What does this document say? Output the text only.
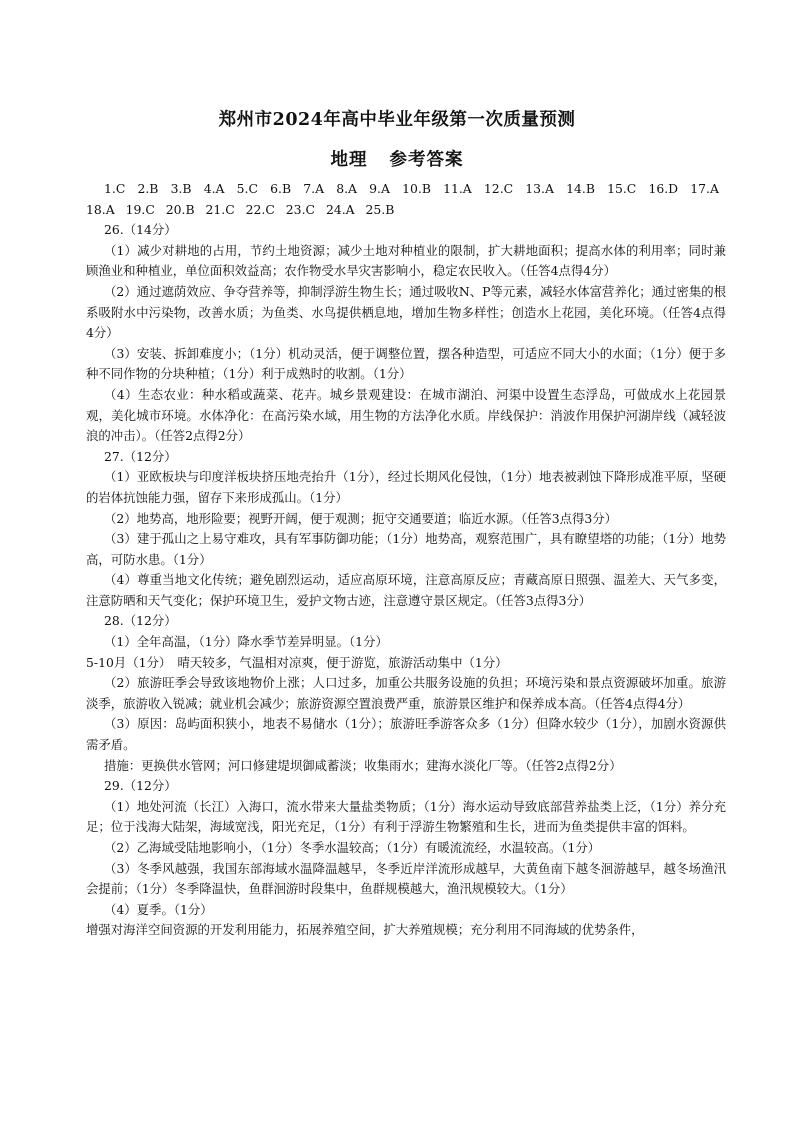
郑州市2024年高中毕业年级第一次质量预测
地理 参考答案

1.C 2.B 3.B 4.A 5.C 6.B 7.A 8.A 9.A 10.B 11.A 12.C 13.A 14.B 15.C 16.D 17.A 18.A 19.C 20.B 21.C 22.C 23.C 24.A 25.B

26.（14分）

（1）减少对耕地的占用，节约土地资源；减少土地对种植业的限制，扩大耕地面积；提高水体的利用率；同时兼顾渔业和种植业，单位面积效益高；农作物受水旱灾害影响小，稳定农民收入。（任答4点得4分）

（2）通过遮荫效应、争夺营养等，抑制浮游生物生长；通过吸收N、P等元素，减轻水体富营养化；通过密集的根系吸附水中污染物，改善水质；为鱼类、水鸟提供栖息地，增加生物多样性；创造水上花园，美化环境。（任答4点得4分）

（3）安装、拆卸难度小；（1分）机动灵活，便于调整位置，摆各种造型，可适应不同大小的水面；（1分）便于多种不同作物的分块种植；（1分）利于成熟时的收割。（1分）

（4）生态农业：种水稻或蔬菜、花卉。城乡景观建设：在城市湖泊、河渠中设置生态浮岛，可做成水上花园景观，美化城市环境。水体净化：在高污染水域，用生物的方法净化水质。岸线保护：消波作用保护河湖岸线（减轻波浪的冲击）。（任答2点得2分）

27.（12分）

（1）亚欧板块与印度洋板块挤压地壳抬升（1分），经过长期风化侵蚀，（1分）地表被剥蚀下降形成准平原，坚硬的岩体抗蚀能力强，留存下来形成孤山。（1分）

（2）地势高，地形险要；视野开阔，便于观测；扼守交通要道；临近水源。（任答3点得3分）

（3）建于孤山之上易守难攻，具有军事防御功能；（1分）地势高，观察范围广，具有瞭望塔的功能；（1分）地势高，可防水患。（1分）

（4）尊重当地文化传统；避免剧烈运动，适应高原环境，注意高原反应；青藏高原日照强、温差大、天气多变，注意防晒和天气变化；保护环境卫生，爱护文物古迹，注意遵守景区规定。（任答3点得3分）

28.（12分）

（1）全年高温，（1分）降水季节差异明显。（1分）

5-10月（1分）　晴天较多，气温相对凉爽，便于游览，旅游活动集中（1分）

（2）旅游旺季会导致该地物价上涨；人口过多，加重公共服务设施的负担；环境污染和景点资源破坏加重。旅游淡季，旅游收入锐减；就业机会减少；旅游资源空置浪费严重，旅游景区维护和保养成本高。（任答4点得4分）

（3）原因：岛屿面积狭小，地表不易储水（1分）；旅游旺季游客众多（1分）但降水较少（1分），加剧水资源供需矛盾。

措施：更换供水管网；河口修建堤坝御咸蓄淡；收集雨水；建海水淡化厂等。（任答2点得2分）

29.（12分）

（1）地处河流（长江）入海口，流水带来大量盐类物质；（1分）海水运动导致底部营养盐类上泛，（1分）养分充足；位于浅海大陆架，海域宽浅，阳光充足，（1分）有利于浮游生物繁殖和生长，进而为鱼类提供丰富的饵料。

（2）乙海域受陆地影响小，（1分）冬季水温较高；（1分）有暖流流经，水温较高。（1分）

（3）冬季风越强，我国东部海域水温降温越早，冬季近岸洋流形成越早，大黄鱼南下越冬洄游越早，越冬场渔汛会提前；（1分）冬季降温快，鱼群洄游时段集中，鱼群规模越大，渔汛规模较大。（1分）

（4）夏季。（1分）

增强对海洋空间资源的开发利用能力，拓展养殖空间，扩大养殖规模；充分利用不同海域的优势条件，
